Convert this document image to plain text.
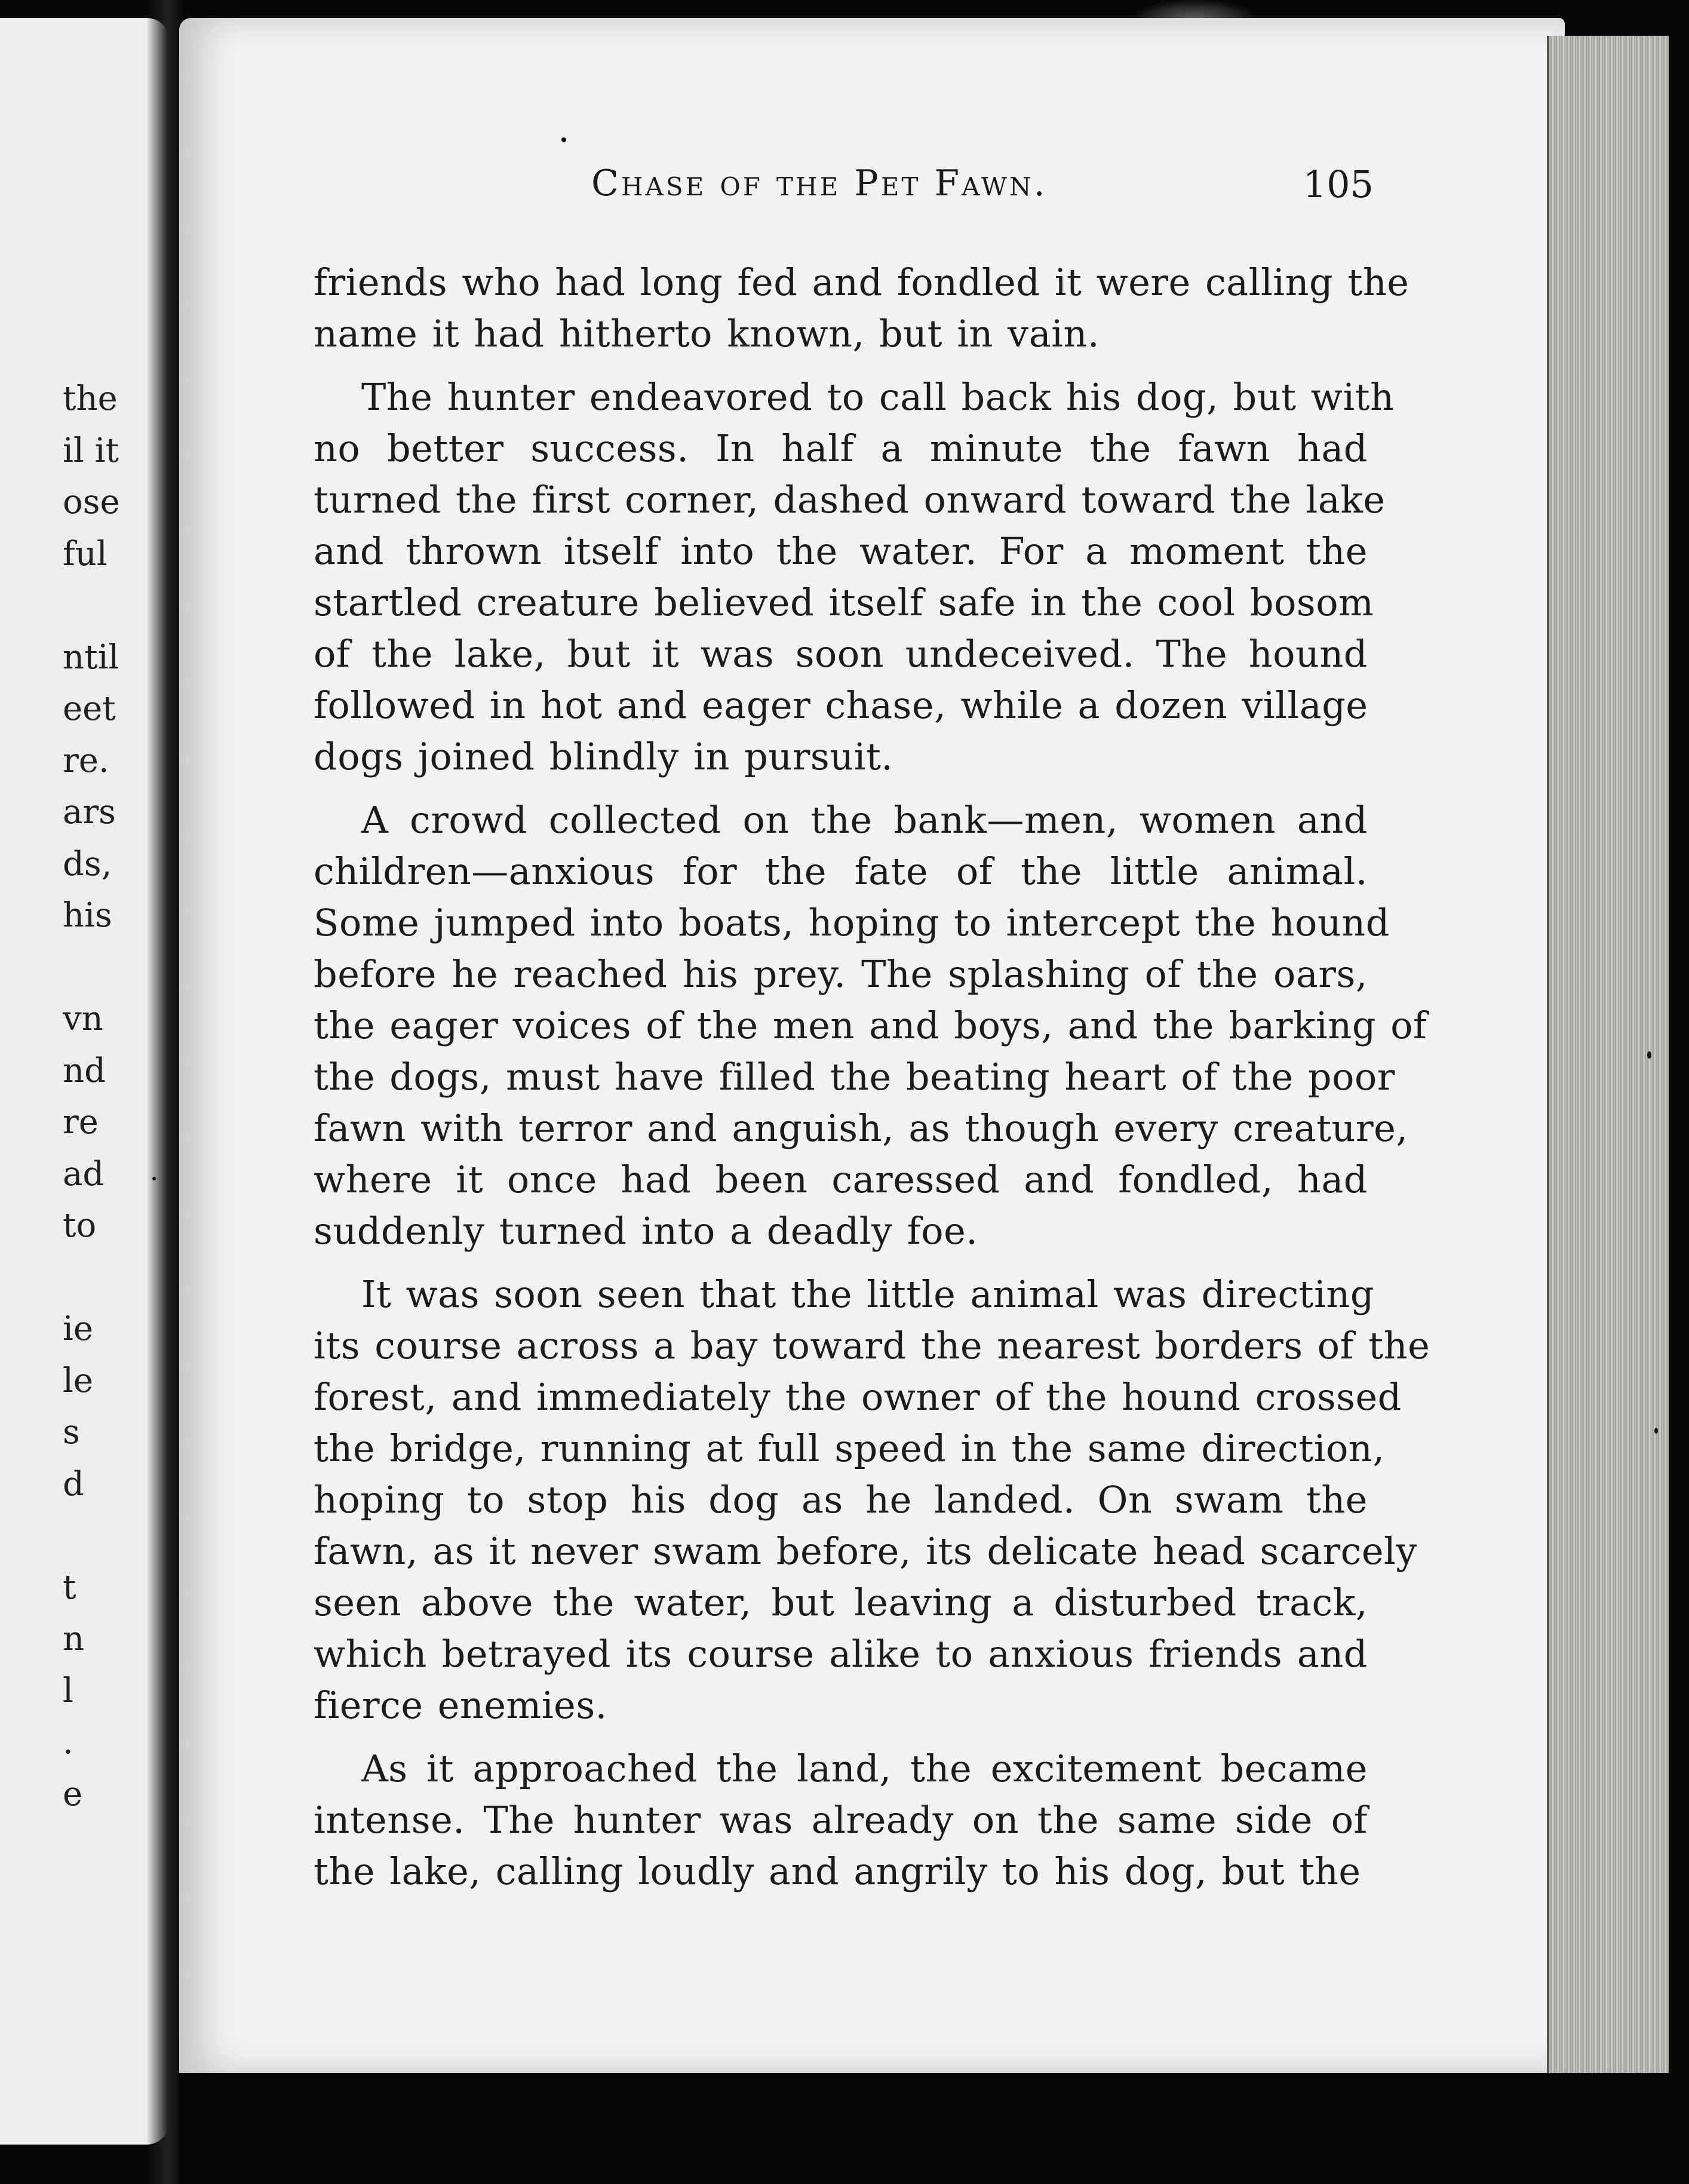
the
il it
ose
ful
ntil
eet
re.
ars
ds,
his
vn
nd
re
ad
to
ie
le
s
d
t
n
l
.
e
Chase of the Pet Fawn.	105
friends who had long fed and fondled it were calling the
name it had hitherto known, but in vain.
The hunter endeavored to call back his dog, but with
no better success. In half a minute the fawn had
turned the first corner, dashed onward toward the lake
and thrown itself into the water. For a moment the
startled creature believed itself safe in the cool bosom
of the lake, but it was soon undeceived. The hound
followed in hot and eager chase, while a dozen village
dogs joined blindly in pursuit.
A crowd collected on the bank—men, women and
children—anxious for the fate of the little animal.
Some jumped into boats, hoping to intercept the hound
before he reached his prey. The splashing of the oars,
the eager voices of the men and boys, and the barking of
the dogs, must have filled the beating heart of the poor
fawn with terror and anguish, as though every creature,
where it once had been caressed and fondled, had
suddenly turned into a deadly foe.
It was soon seen that the little animal was directing
its course across a bay toward the nearest borders of the
forest, and immediately the owner of the hound crossed
the bridge, running at full speed in the same direction,
hoping to stop his dog as he landed. On swam the
fawn, as it never swam before, its delicate head scarcely
seen above the water, but leaving a disturbed track,
which betrayed its course alike to anxious friends and
fierce enemies.
As it approached the land, the excitement became
intense. The hunter was already on the same side of
the lake, calling loudly and angrily to his dog, but the
